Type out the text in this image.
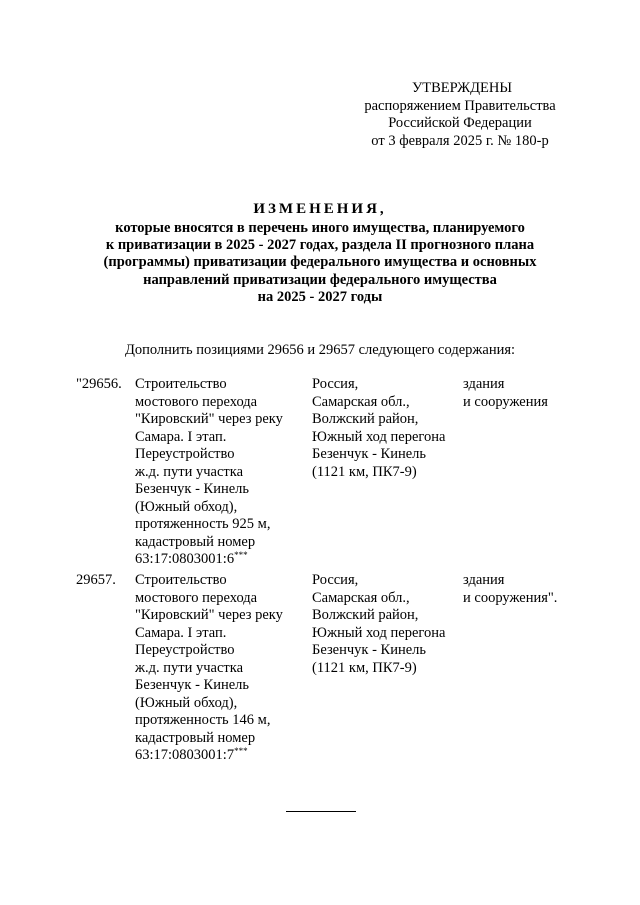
УТВЕРЖДЕНЫ
распоряжением Правительства
Российской Федерации
от 3 февраля 2025 г. № 180-р
ИЗМЕНЕНИЯ,
которые вносятся в перечень иного имущества, планируемого
к приватизации в 2025 - 2027 годах, раздела II прогнозного плана
(программы) приватизации федерального имущества и основных
направлений приватизации федерального имущества
на 2025 - 2027 годы
Дополнить позициями 29656 и 29657 следующего содержания:
"29656. Строительство
мостового перехода
"Кировский" через реку
Самара. I этап.
Переустройство
ж.д. пути участка
Безенчук - Кинель
(Южный обход),
протяженность 925 м,
кадастровый номер
63:17:0803001:6***
Россия,
Самарская обл.,
Волжский район,
Южный ход перегона
Безенчук - Кинель
(1121 км, ПК7-9)
здания
и сооружения
29657. Строительство
мостового перехода
"Кировский" через реку
Самара. I этап.
Переустройство
ж.д. пути участка
Безенчук - Кинель
(Южный обход),
протяженность 146 м,
кадастровый номер
63:17:0803001:7***
Россия,
Самарская обл.,
Волжский район,
Южный ход перегона
Безенчук - Кинель
(1121 км, ПК7-9)
здания
и сооружения".
